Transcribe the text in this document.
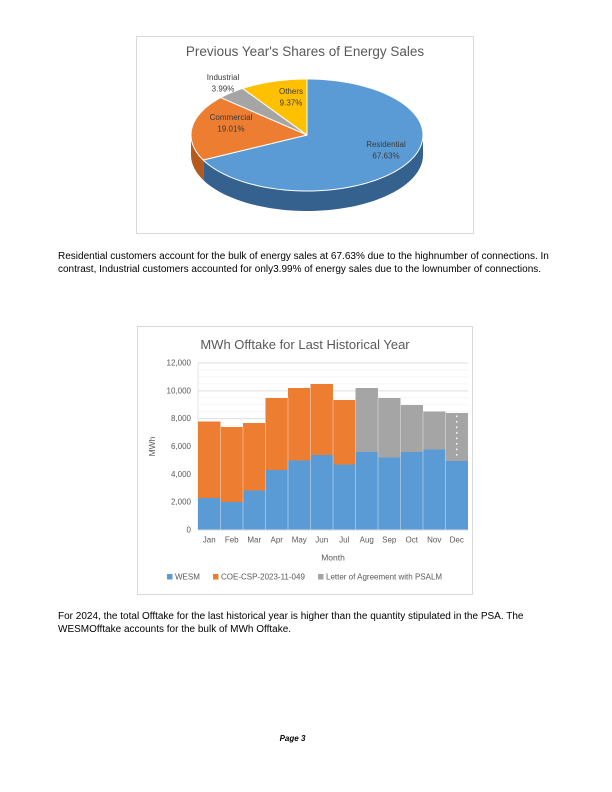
Previous Year's Shares of Energy Sales
Residential
67.63%
Commercial
19.01%
Industrial
3.99%	Others
9.37%
Residential customers account for the bulk of energy sales at 67.63% due to the highnumber of connections. In contrast, Industrial customers accounted for only3.99% of energy sales due to the lownumber of connections.
MWh Offtake for Last Historical Year
0
2,000
4,000
6,000
8,000
10,000
12,000
Jan Feb Mar Apr May Jun Jul Aug Sep Oct Nov Dec
Month
MWh
WESM	COE-CSP-2023-11-049	Letter of Agreement with PSALM
For 2024, the total Offtake for the last historical year is higher than the quantity stipulated in the PSA. The WESMOfftake accounts for the bulk of MWh Offtake.
Page 3
